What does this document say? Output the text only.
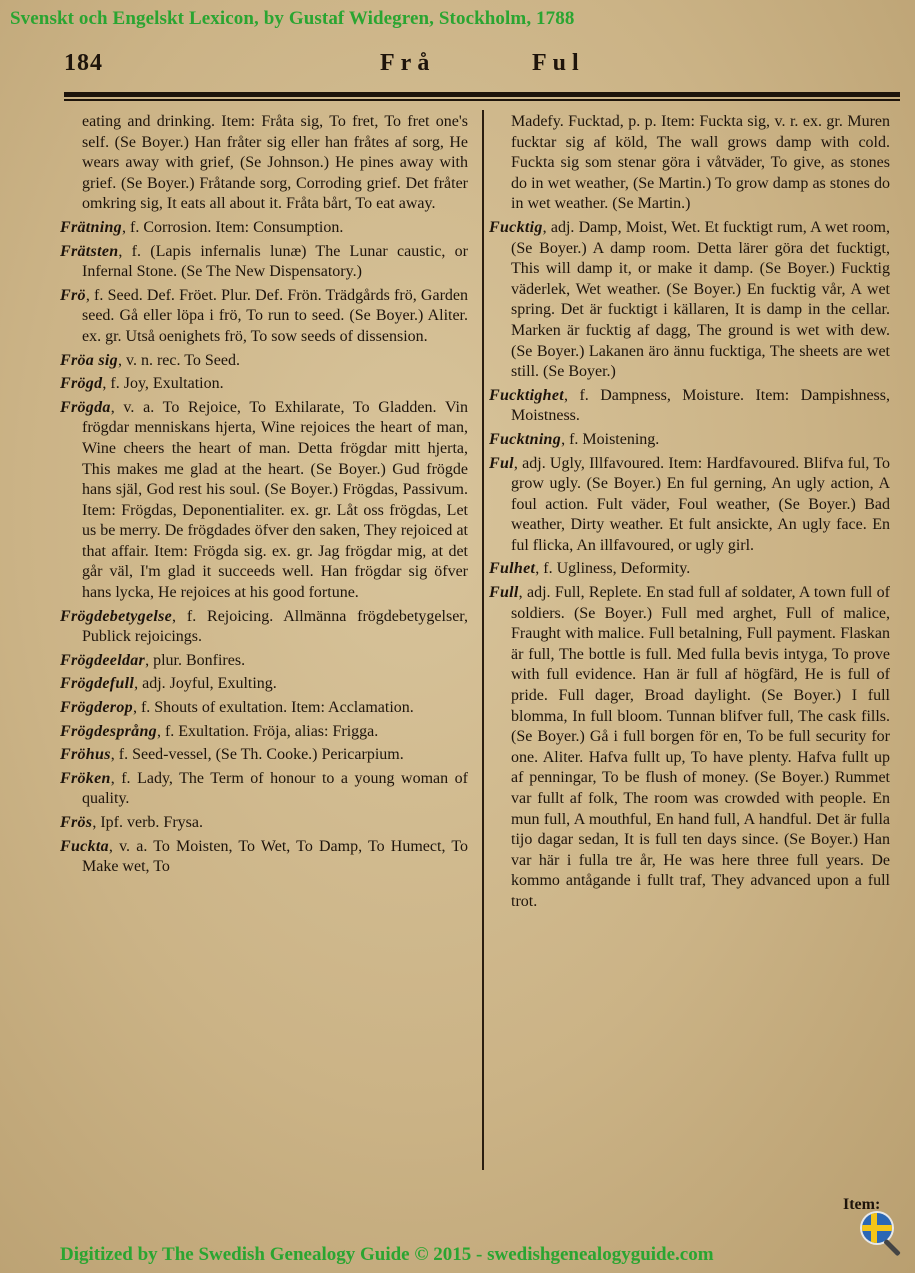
Svenskt och Engelskt Lexicon, by Gustaf Widegren, Stockholm, 1788
184	Frå	Ful

eating and drinking. Item: Fråta sig, To fret, To fret one's self. (Se Boyer.) Han fråter sig eller han fråtes af sorg, He wears away with grief, (Se Johnson.) He pines away with grief. (Se Boyer.) Fråtande sorg, Corroding grief. Det fråter omkring sig, It eats all about it. Fråta bårt, To eat away.

Frätning, f. Corrosion. Item: Consumption.

Frätsten, f. (Lapis infernalis lunæ) The Lunar caustic, or Infernal Stone. (Se The New Dispensatory.)

Frö, f. Seed. Def. Fröet. Plur. Def. Frön. Trädgårds frö, Garden seed. Gå eller löpa i frö, To run to seed. (Se Boyer.) Aliter. ex. gr. Utså oenighets frö, To sow seeds of dissension.

Fröa sig, v. n. rec. To Seed.

Frögd, f. Joy, Exultation.

Frögda, v. a. To Rejoice, To Exhilarate, To Gladden. Vin frögdar menniskans hjerta, Wine rejoices the heart of man, Wine cheers the heart of man. Detta frögdar mitt hjerta, This makes me glad at the heart. (Se Boyer.) Gud frögde hans själ, God rest his soul. (Se Boyer.) Frögdas, Passivum. Item: Frögdas, Deponentialiter. ex. gr. Låt oss frögdas, Let us be merry. De frögdades öfver den saken, They rejoiced at that affair. Item: Frögda sig. ex. gr. Jag frögdar mig, at det går väl, I'm glad it succeeds well. Han frögdar sig öfver hans lycka, He rejoices at his good fortune.

Frögdebetygelse, f. Rejoicing. Allmänna frögdebetygelser, Publick rejoicings.

Frögdeeldar, plur. Bonfires.

Frögdefull, adj. Joyful, Exulting.

Frögderop, f. Shouts of exultation. Item: Acclamation.

Frögdesprång, f. Exultation. Fröja, alias: Frigga.

Fröhus, f. Seed-vessel, (Se Th. Cooke.) Pericarpium.

Fröken, f. Lady, The Term of honour to a young woman of quality.

Frös, Ipf. verb. Frysa.

Fuckta, v. a. To Moisten, To Wet, To Damp, To Humect, To Make wet, To

Madefy. Fucktad, p. p. Item: Fuckta sig, v. r. ex. gr. Muren fucktar sig af köld, The wall grows damp with cold. Fuckta sig som stenar göra i våtväder, To give, as stones do in wet weather, (Se Martin.) To grow damp as stones do in wet weather. (Se Martin.)

Fucktig, adj. Damp, Moist, Wet. Et fucktigt rum, A wet room, (Se Boyer.) A damp room. Detta lärer göra det fucktigt, This will damp it, or make it damp. (Se Boyer.) Fucktig väderlek, Wet weather. (Se Boyer.) En fucktig vår, A wet spring. Det är fucktigt i källaren, It is damp in the cellar. Marken är fucktig af dagg, The ground is wet with dew. (Se Boyer.) Lakanen äro ännu fucktiga, The sheets are wet still. (Se Boyer.)

Fucktighet, f. Dampness, Moisture. Item: Dampishness, Moistness.

Fucktning, f. Moistening.

Ful, adj. Ugly, Illfavoured. Item: Hardfavoured. Blifva ful, To grow ugly. (Se Boyer.) En ful gerning, An ugly action, A foul action. Fult väder, Foul weather, (Se Boyer.) Bad weather, Dirty weather. Et fult ansickte, An ugly face. En ful flicka, An illfavoured, or ugly girl.

Fulhet, f. Ugliness, Deformity.

Full, adj. Full, Replete. En stad full af soldater, A town full of soldiers. (Se Boyer.) Full med arghet, Full of malice, Fraught with malice. Full betalning, Full payment. Flaskan är full, The bottle is full. Med fulla bevis intyga, To prove with full evidence. Han är full af högfärd, He is full of pride. Full dager, Broad daylight. (Se Boyer.) I full blomma, In full bloom. Tunnan blifver full, The cask fills. (Se Boyer.) Gå i full borgen för en, To be full security for one. Aliter. Hafva fullt up, To have plenty. Hafva fullt up af penningar, To be flush of money. (Se Boyer.) Rummet var fullt af folk, The room was crowded with people. En mun full, A mouthful, En hand full, A handful. Det är fulla tijo dagar sedan, It is full ten days since. (Se Boyer.) Han var här i fulla tre år, He was here three full years. De kommo antågande i fullt traf, They advanced upon a full trot.

Item:
Digitized by The Swedish Genealogy Guide © 2015 - swedishgenealogyguide.com
